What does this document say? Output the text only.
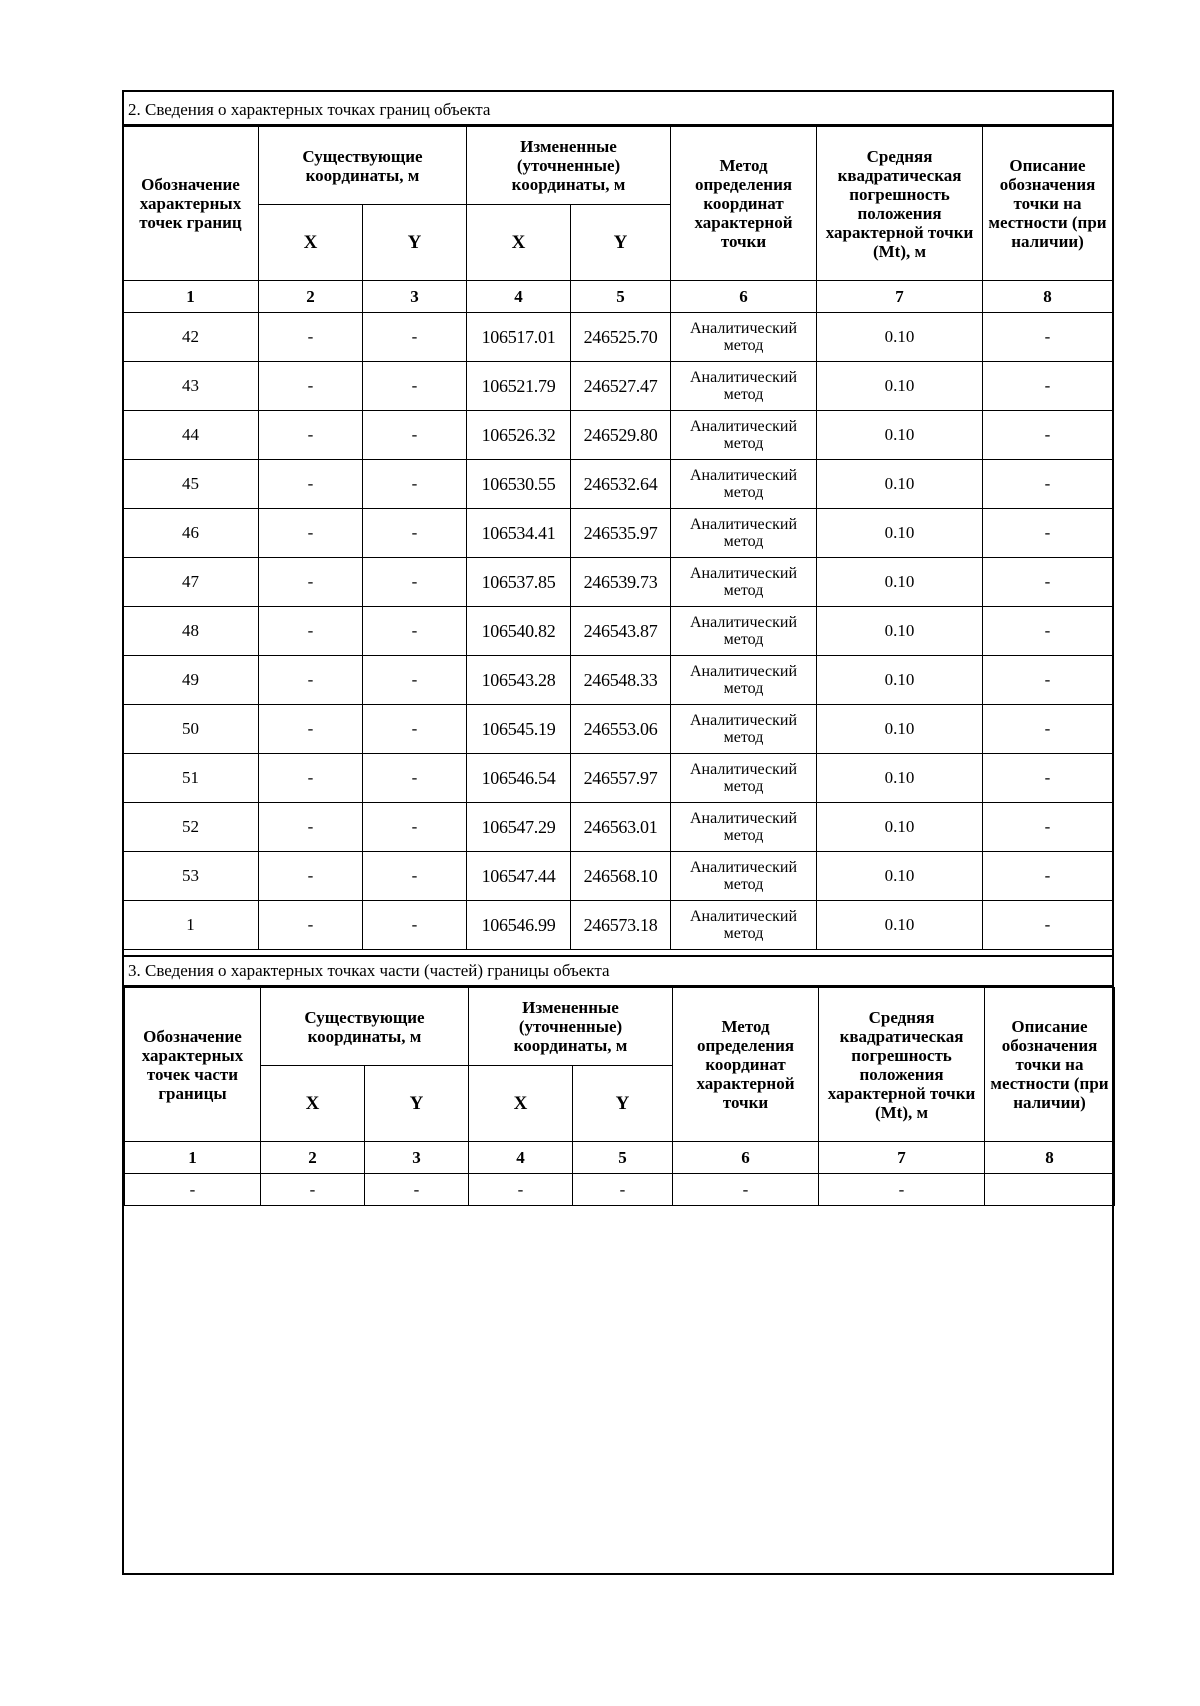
2. Сведения о характерных точках границ объекта
Обозначение характерных точек границ	Существующие координаты, м		Измененные (уточненные) координаты, м		Метод определения координат характерной точки	Средняя квадратическая погрешность положения характерной точки (Mt), м	Описание обозначения точки на местности (при наличии)
	X	Y	X	Y			
1	2	3	4	5	6	7	8
42	-	-	106517.01	246525.70	Аналитический метод	0.10	-
43	-	-	106521.79	246527.47	Аналитический метод	0.10	-
44	-	-	106526.32	246529.80	Аналитический метод	0.10	-
45	-	-	106530.55	246532.64	Аналитический метод	0.10	-
46	-	-	106534.41	246535.97	Аналитический метод	0.10	-
47	-	-	106537.85	246539.73	Аналитический метод	0.10	-
48	-	-	106540.82	246543.87	Аналитический метод	0.10	-
49	-	-	106543.28	246548.33	Аналитический метод	0.10	-
50	-	-	106545.19	246553.06	Аналитический метод	0.10	-
51	-	-	106546.54	246557.97	Аналитический метод	0.10	-
52	-	-	106547.29	246563.01	Аналитический метод	0.10	-
53	-	-	106547.44	246568.10	Аналитический метод	0.10	-
1	-	-	106546.99	246573.18	Аналитический метод	0.10	-
3. Сведения о характерных точках части (частей) границы объекта
Обозначение характерных точек части границы	Существующие координаты, м		Измененные (уточненные) координаты, м		Метод определения координат характерной точки	Средняя квадратическая погрешность положения характерной точки (Mt), м	Описание обозначения точки на местности (при наличии)
	X	Y	X	Y			
1	2	3	4	5	6	7	8
-	-	-	-	-	-	-	
